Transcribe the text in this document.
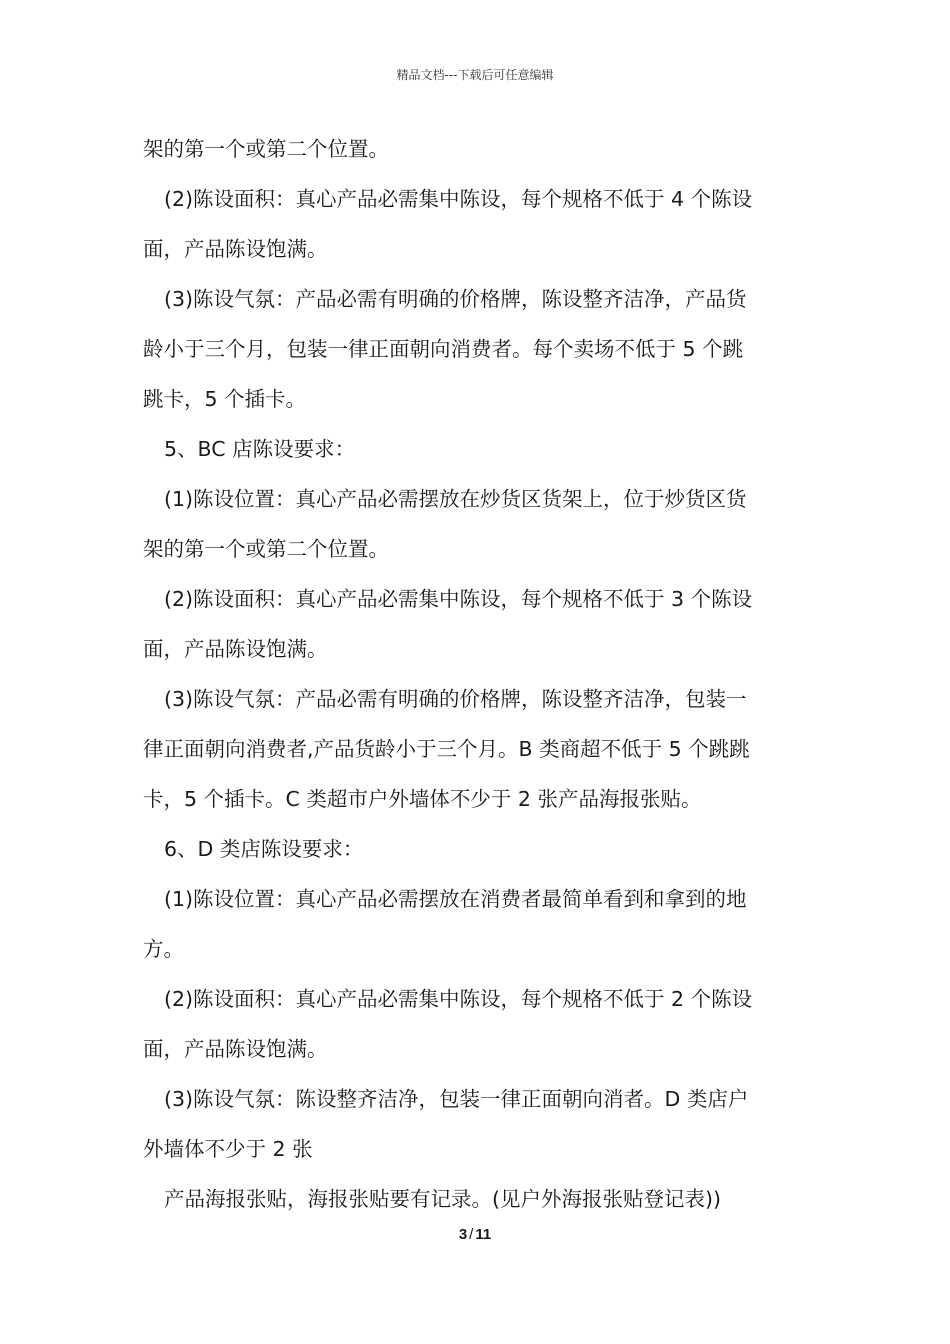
精品文档---下载后可任意编辑
架的第一个或第二个位置。
(2)陈设面积：真心产品必需集中陈设，每个规格不低于 4 个陈设
面，产品陈设饱满。
(3)陈设气氛：产品必需有明确的价格牌，陈设整齐洁净，产品货
龄小于三个月，包装一律正面朝向消费者。每个卖场不低于 5 个跳
跳卡，5 个插卡。
5、BC 店陈设要求：
(1)陈设位置：真心产品必需摆放在炒货区货架上，位于炒货区货
架的第一个或第二个位置。
(2)陈设面积：真心产品必需集中陈设，每个规格不低于 3 个陈设
面，产品陈设饱满。
(3)陈设气氛：产品必需有明确的价格牌，陈设整齐洁净，包装一
律正面朝向消费者,产品货龄小于三个月。B 类商超不低于 5 个跳跳
卡，5 个插卡。C 类超市户外墙体不少于 2 张产品海报张贴。
6、D 类店陈设要求：
(1)陈设位置：真心产品必需摆放在消费者最简单看到和拿到的地
方。
(2)陈设面积：真心产品必需集中陈设，每个规格不低于 2 个陈设
面，产品陈设饱满。
(3)陈设气氛：陈设整齐洁净，包装一律正面朝向消者。D 类店户
外墙体不少于 2 张
产品海报张贴，海报张贴要有记录。(见户外海报张贴登记表))
3 / 11
